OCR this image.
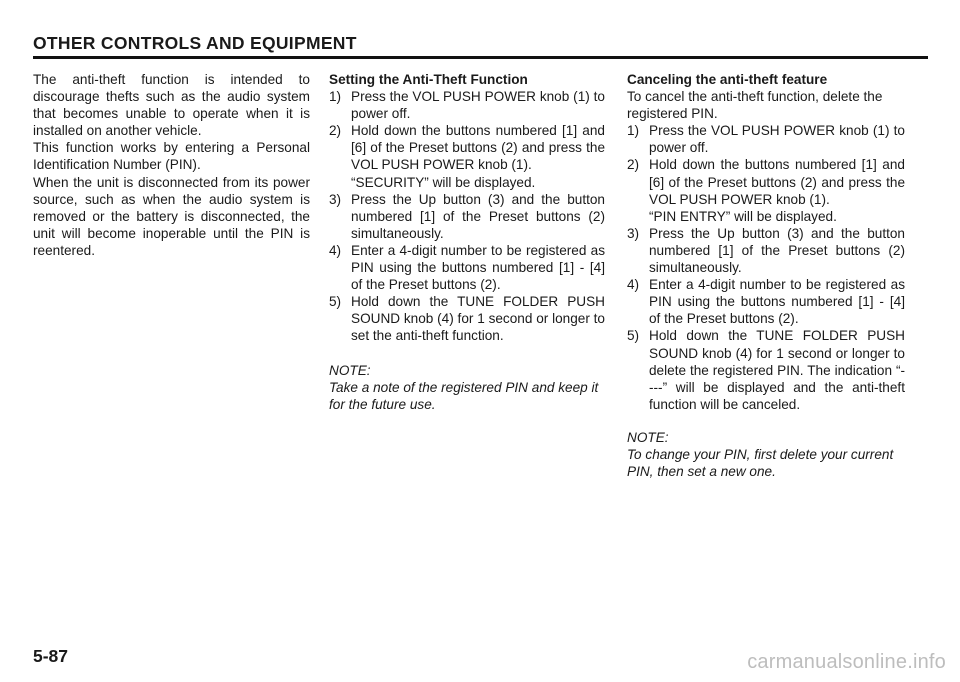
OTHER CONTROLS AND EQUIPMENT

The anti-theft function is intended to discourage thefts such as the audio system that becomes unable to operate when it is installed on another vehicle.

This function works by entering a Personal Identification Number (PIN).

When the unit is disconnected from its power source, such as when the audio system is removed or the battery is disconnected, the unit will become inoperable until the PIN is reentered.

Setting the Anti-Theft Function

1) Press the VOL PUSH POWER knob (1) to power off.
2) Hold down the buttons numbered [1] and [6] of the Preset buttons (2) and press the VOL PUSH POWER knob (1).
“SECURITY” will be displayed.
3) Press the Up button (3) and the button numbered [1] of the Preset buttons (2) simultaneously.
4) Enter a 4-digit number to be registered as PIN using the buttons numbered [1] - [4] of the Preset buttons (2).
5) Hold down the TUNE FOLDER PUSH SOUND knob (4) for 1 second or longer to set the anti-theft function.

NOTE:

Take a note of the registered PIN and keep it for the future use.

Canceling the anti-theft feature

To cancel the anti-theft function, delete the registered PIN.

1) Press the VOL PUSH POWER knob (1) to power off.
2) Hold down the buttons numbered [1] and [6] of the Preset buttons (2) and press the VOL PUSH POWER knob (1).
“PIN ENTRY” will be displayed.
3) Press the Up button (3) and the button numbered [1] of the Preset buttons (2) simultaneously.
4) Enter a 4-digit number to be registered as PIN using the buttons numbered [1] - [4] of the Preset buttons (2).
5) Hold down the TUNE FOLDER PUSH SOUND knob (4) for 1 second or longer to delete the registered PIN. The indication “----” will be displayed and the anti-theft function will be canceled.

NOTE:

To change your PIN, first delete your current PIN, then set a new one.

5-87	carmanualsonline.info
